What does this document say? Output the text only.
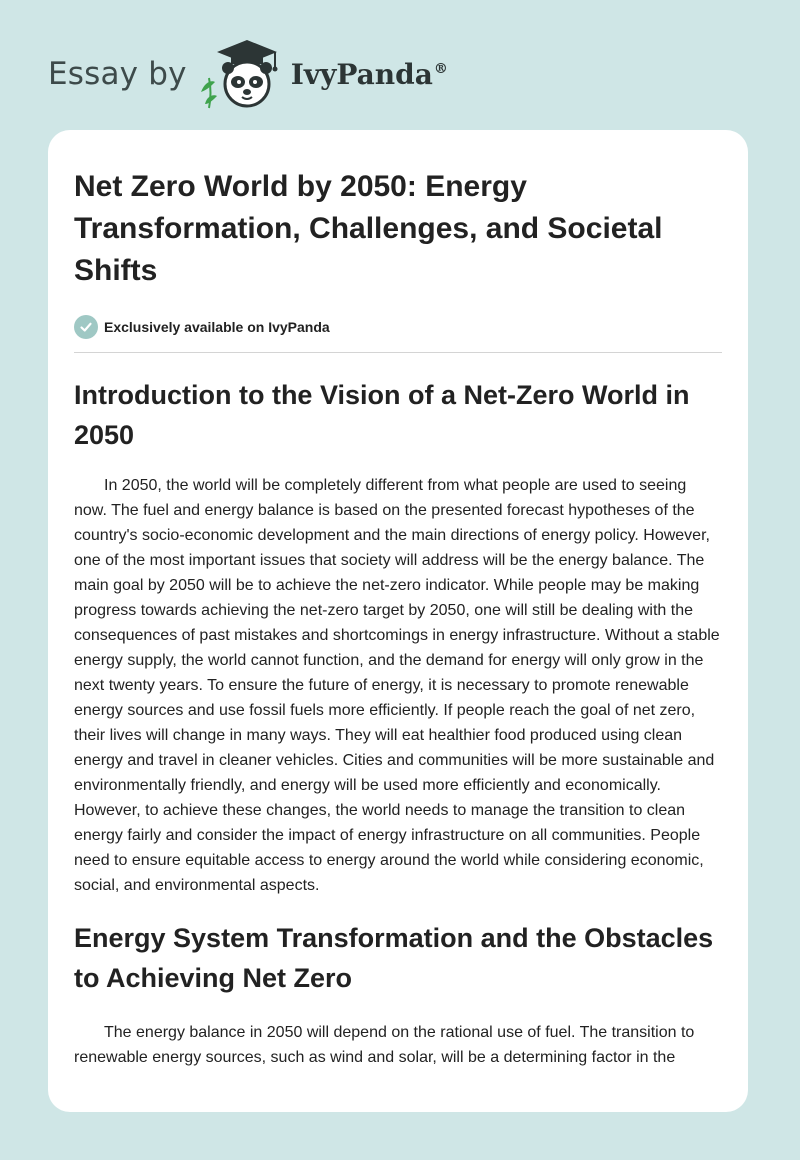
Essay by	IvyPanda®
Net Zero World by 2050: Energy Transformation, Challenges, and Societal Shifts
Exclusively available on IvyPanda
Introduction to the Vision of a Net-Zero World in 2050

In 2050, the world will be completely different from what people are used to seeing now. The fuel and energy balance is based on the presented forecast hypotheses of the country's socio-economic development and the main directions of energy policy. However, one of the most important issues that society will address will be the energy balance. The main goal by 2050 will be to achieve the net-zero indicator. While people may be making progress towards achieving the net-zero target by 2050, one will still be dealing with the consequences of past mistakes and shortcomings in energy infrastructure. Without a stable energy supply, the world cannot function, and the demand for energy will only grow in the next twenty years. To ensure the future of energy, it is necessary to promote renewable energy sources and use fossil fuels more efficiently. If people reach the goal of net zero, their lives will change in many ways. They will eat healthier food produced using clean energy and travel in cleaner vehicles. Cities and communities will be more sustainable and environmentally friendly, and energy will be used more efficiently and economically. However, to achieve these changes, the world needs to manage the transition to clean energy fairly and consider the impact of energy infrastructure on all communities. People need to ensure equitable access to energy around the world while considering economic, social, and environmental aspects.

Energy System Transformation and the Obstacles to Achieving Net Zero

The energy balance in 2050 will depend on the rational use of fuel. The transition to renewable energy sources, such as wind and solar, will be a determining factor in the
